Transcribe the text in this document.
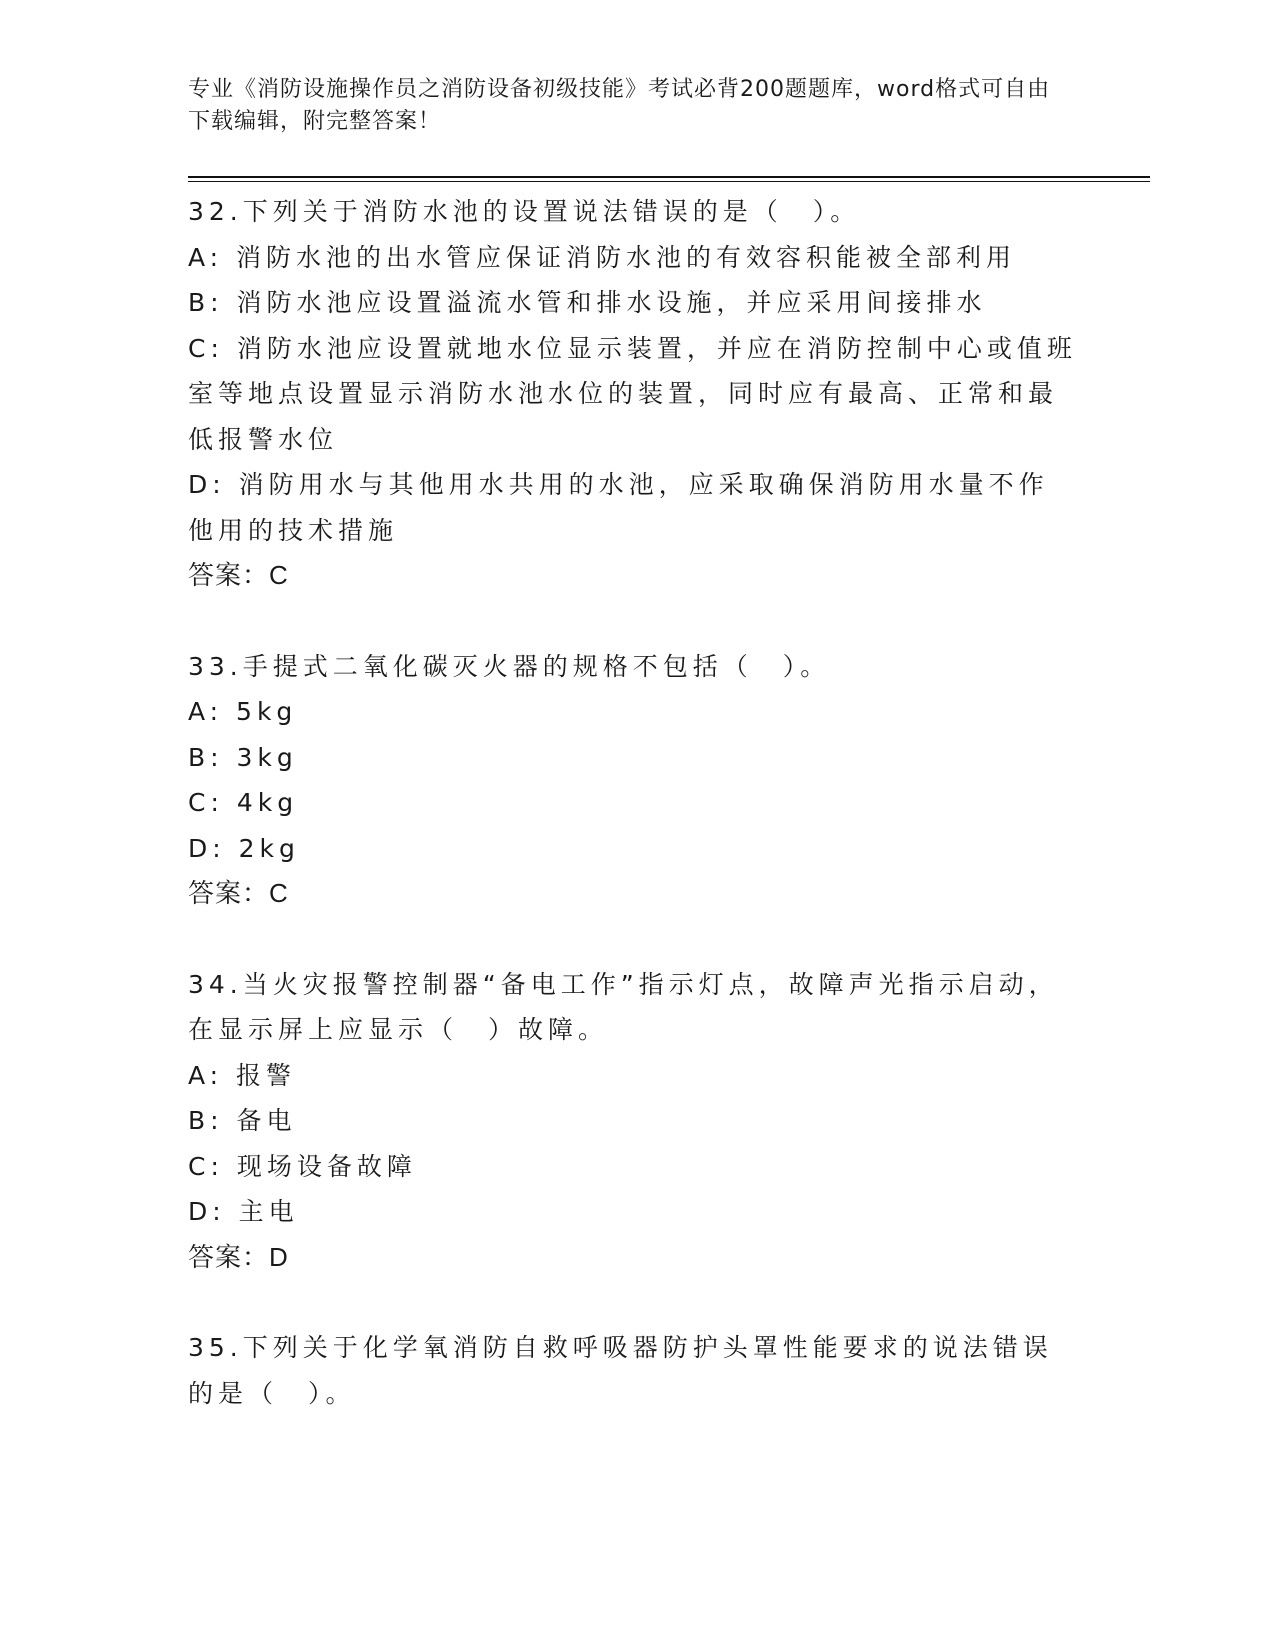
专业《消防设施操作员之消防设备初级技能》考试必背200题题库，word格式可自由下载编辑，附完整答案！

32.下列关于消防水池的设置说法错误的是（　）。

A: 消防水池的出水管应保证消防水池的有效容积能被全部利用

B: 消防水池应设置溢流水管和排水设施，并应采用间接排水

C: 消防水池应设置就地水位显示装置，并应在消防控制中心或值班室等地点设置显示消防水池水位的装置，同时应有最高、正常和最低报警水位

D: 消防用水与其他用水共用的水池，应采取确保消防用水量不作他用的技术措施

答案：C

33.手提式二氧化碳灭火器的规格不包括（　）。

A: 5kg

B: 3kg

C: 4kg

D: 2kg

答案：C

34.当火灾报警控制器“备电工作”指示灯点，故障声光指示启动，在显示屏上应显示（　）故障。

A: 报警

B: 备电

C: 现场设备故障

D: 主电

答案：D

35.下列关于化学氧消防自救呼吸器防护头罩性能要求的说法错误的是（　）。
